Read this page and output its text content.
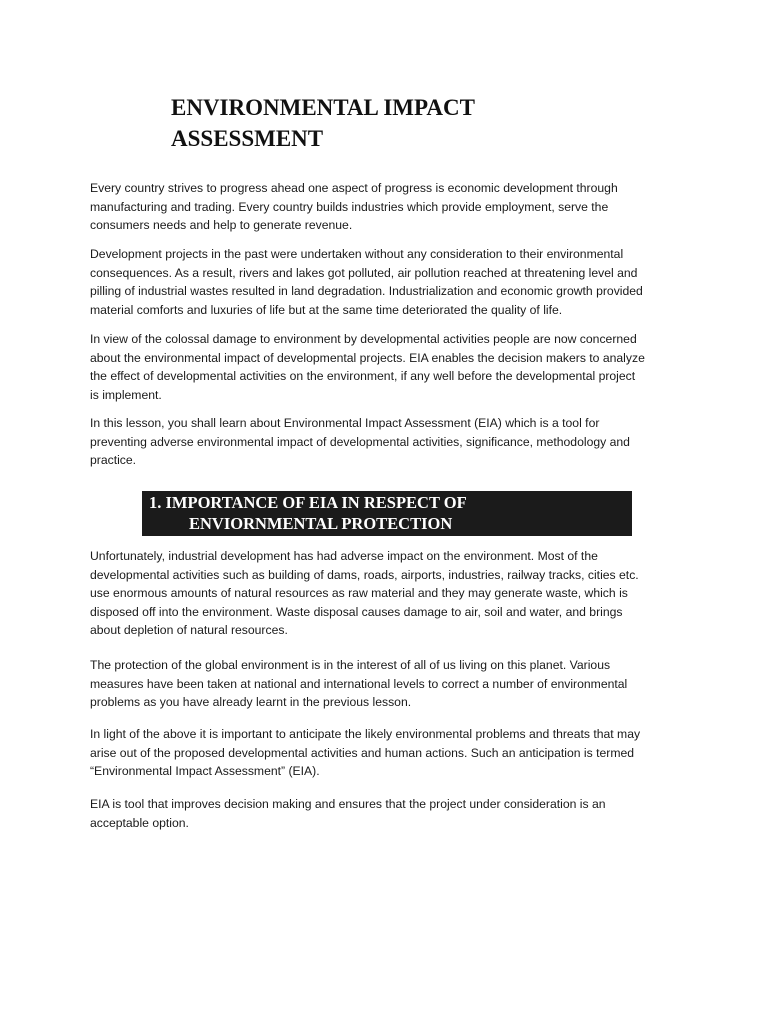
ENVIRONMENTAL IMPACT
ASSESSMENT

Every country strives to progress ahead one aspect of progress is economic development through
manufacturing and trading. Every country builds industries which provide employment, serve the
consumers needs and help to generate revenue.

Development projects in the past were undertaken without any consideration to their environmental
consequences. As a result, rivers and lakes got polluted, air pollution reached at threatening level and
pilling of industrial wastes resulted in land degradation. Industrialization and economic growth provided
material comforts and luxuries of life but at the same time deteriorated the quality of life.

In view of the colossal damage to environment by developmental activities people are now concerned
about the environmental impact of developmental projects. EIA enables the decision makers to analyze
the effect of developmental activities on the environment, if any well before the developmental project
is implement.

In this lesson, you shall learn about Environmental Impact Assessment (EIA) which is a tool for
preventing adverse environmental impact of developmental activities, significance, methodology and
practice.

1. IMPORTANCE OF EIA IN RESPECT OF
ENVIORNMENTAL PROTECTION

Unfortunately, industrial development has had adverse impact on the environment. Most of the
developmental activities such as building of dams, roads, airports, industries, railway tracks, cities etc.
use enormous amounts of natural resources as raw material and they may generate waste, which is
disposed off into the environment. Waste disposal causes damage to air, soil and water, and brings
about depletion of natural resources.

The protection of the global environment is in the interest of all of us living on this planet. Various
measures have been taken at national and international levels to correct a number of environmental
problems as you have already learnt in the previous lesson.

In light of the above it is important to anticipate the likely environmental problems and threats that may
arise out of the proposed developmental activities and human actions. Such an anticipation is termed
“Environmental Impact Assessment” (EIA).

EIA is tool that improves decision making and ensures that the project under consideration is an
acceptable option.
